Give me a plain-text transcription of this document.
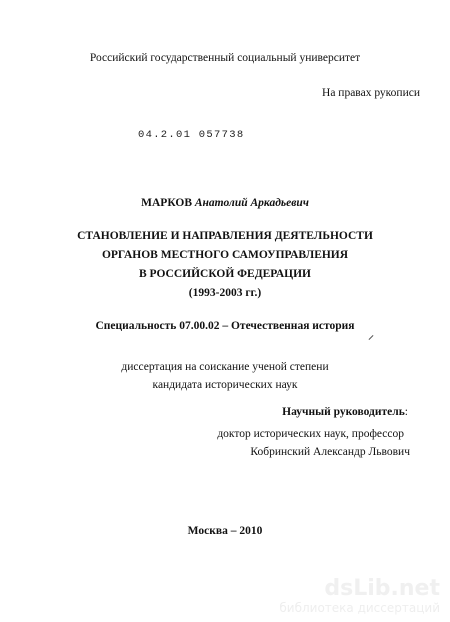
Российский государственный социальный университет
На правах рукописи
04.2.01 057738
МАРКОВ Анатолий Аркадьевич
СТАНОВЛЕНИЕ И НАПРАВЛЕНИЯ ДЕЯТЕЛЬНОСТИ
ОРГАНОВ МЕСТНОГО САМОУПРАВЛЕНИЯ
В РОССИЙСКОЙ ФЕДЕРАЦИИ
(1993-2003 гг.)
Специальность 07.00.02 – Отечественная история
диссертация на соискание ученой степени
кандидата исторических наук
Научный руководитель:
доктор исторических наук, профессор
Кобринский Александр Львович
Москва – 2010
dsLib.net
библиотека диссертаций
